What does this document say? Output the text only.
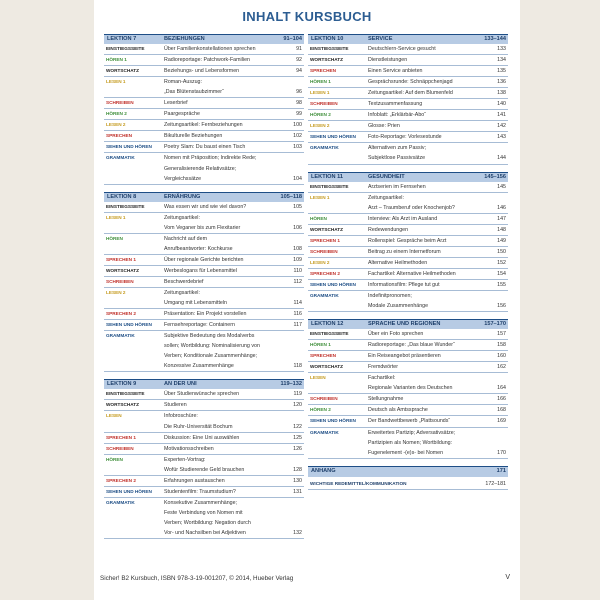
INHALT KURSBUCH
LEKTION 7	BEZIEHUNGEN	91–104
EINSTIEGSSEITE	Über Familienkonstellationen sprechen	91
HÖREN 1	Radioreportage: Patchwork-Familien	92
WORTSCHATZ	Beziehungs- und Lebensformen	94
LESEN 1	Roman-Auszug:
„Das Blütenstaubzimmer“	96
SCHREIBEN	Leserbrief	98
HÖREN 2	Paargespräche	99
LESEN 2	Zeitungsartikel: Fernbeziehungen	100
SPRECHEN	Bikulturelle Beziehungen	102
SEHEN UND HÖREN Poetry Slam: Du baust einen Tisch	103
GRAMMATIK	Nomen mit Präposition; Indirekte Rede;
Generalisierende Relativsätze;
Vergleichssätze	104
LEKTION 8	ERNÄHRUNG	105–118
EINSTIEGSSEITE	Was essen wir und wie viel davon?	105
LESEN 1	Zeitungsartikel:
Vom Veganer bis zum Flexitarier	106
HÖREN	Nachricht auf dem
Anrufbeantworter: Kochkurse	108
SPRECHEN 1	Über regionale Gerichte berichten	109
WORTSCHATZ	Werbeslogans für Lebensmittel	110
SCHREIBEN	Beschwerdebrief	112
LESEN 2	Zeitungsartikel:
Umgang mit Lebensmitteln	114
SPRECHEN 2	Präsentation: Ein Projekt vorstellen	116
SEHEN UND HÖREN Fernsehreportage: Containern	117
GRAMMATIK	Subjektive Bedeutung des Modalverbs
sollen; Wortbildung: Nominalisierung von
Verben; Konditionale Zusammenhänge;
Konzessive Zusammenhänge	118
LEKTION 9	AN DER UNI	119–132
EINSTIEGSSEITE	Über Studienwünsche sprechen	119
WORTSCHATZ	Studieren	120
LESEN	Infobroschüre:
Die Ruhr-Universität Bochum	122
SPRECHEN 1	Diskussion: Eine Uni auswählen	125
SCHREIBEN	Motivationsschreiben	126
HÖREN	Experten-Vortrag:
Wofür Studierende Geld brauchen	128
SPRECHEN 2	Erfahrungen austauschen	130
SEHEN UND HÖREN Studentenfilm: Traumstudium?	131
GRAMMATIK	Konsekutive Zusammenhänge;
Feste Verbindung von Nomen mit
Verben; Wortbildung: Negation durch
Vor- und Nachsilben bei Adjektiven	132
LEKTION 10	SERVICE	133–144
EINSTIEGSSEITE	Deutschlern-Service gesucht	133
WORTSCHATZ	Dienstleistungen	134
SPRECHEN	Einen Service anbieten	135
HÖREN 1	Gesprächsrunde: Schnäppchenjagd	136
LESEN 1	Zeitungsartikel: Auf dem Blumenfeld	138
SCHREIBEN	Textzusammenfassung	140
HÖREN 2	Infoblatt: „Erklärbär-Abo“	141
LESEN 2	Glosse: Prien	142
SEHEN UND HÖREN Foto-Reportage: Vorlesestunde	143
GRAMMATIK	Alternativen zum Passiv;
Subjektlose Passivsätze	144
LEKTION 11	GESUNDHEIT	145–156
EINSTIEGSSEITE	Arztserien im Fernsehen	145
LESEN 1	Zeitungsartikel:
Arzt – Traumberuf oder Knochenjob?	146
HÖREN	Interview: Als Arzt im Ausland	147
WORTSCHATZ	Redewendungen	148
SPRECHEN 1	Rollenspiel: Gespräche beim Arzt	149
SCHREIBEN	Beitrag zu einem Internetforum	150
LESEN 2	Alternative Heilmethoden	152
SPRECHEN 2	Fachartikel: Alternative Heilmethoden	154
SEHEN UND HÖREN Informationsfilm: Pflege tut gut	155
GRAMMATIK	Indefinitpronomen;
Modale Zusammenhänge	156
LEKTION 12	SPRACHE UND REGIONEN	157–170
EINSTIEGSSEITE	Über ein Foto sprechen	157
HÖREN 1	Radioreportage: „Das blaue Wunder“	158
SPRECHEN	Ein Reiseangebot präsentieren	160
WORTSCHATZ	Fremdwörter	162
LESEN	Fachartikel:
Regionale Varianten des Deutschen	164
SCHREIBEN	Stellungnahme	166
HÖREN 2	Deutsch als Amtssprache	168
SEHEN UND HÖREN Der Bandwettbewerb „Plattsounds“	169
GRAMMATIK	Erweitertes Partizip; Adversativsätze;
Partizipien als Nomen; Wortbildung:
Fugenelement -(e)s- bei Nomen	170
ANHANG	171
WICHTIGE REDEMITTEL/KOMMUNIKATION	172–181
Sicher! B2 Kursbuch, ISBN 978-3-19-001207, © 2014, Hueber Verlag	V
